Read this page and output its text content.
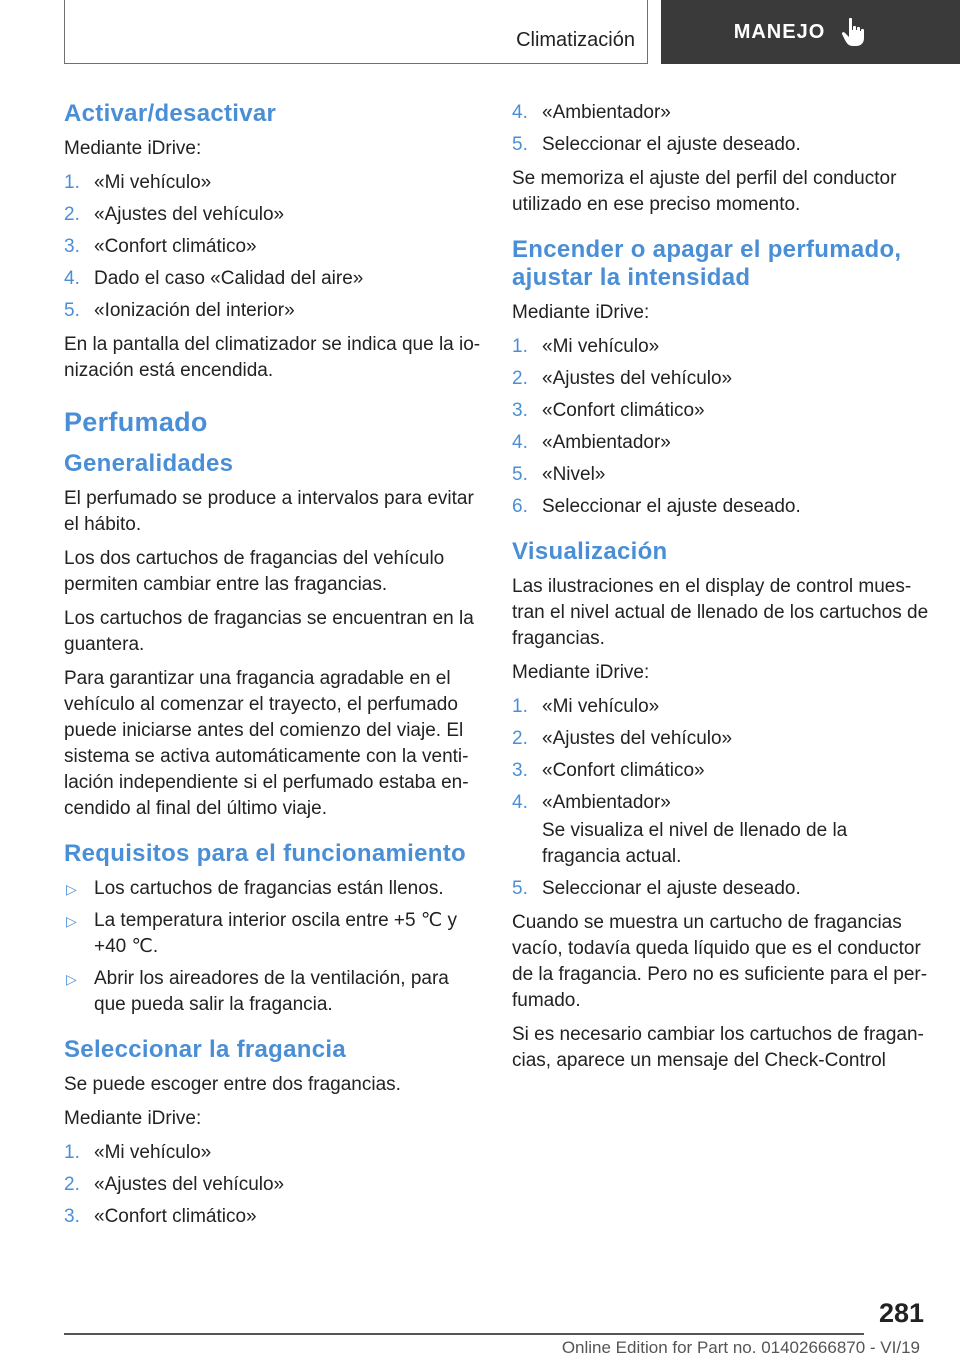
Climatización	MANEJO
Activar/desactivar

Mediante iDrive:

1. «Mi vehículo»
2. «Ajustes del vehículo»
3. «Confort climático»
4. Dado el caso «Calidad del aire»
5. «Ionización del interior»

En la pantalla del climatizador se indica que la io-nización está encendida.

Perfumado
Generalidades

El perfumado se produce a intervalos para evitar el hábito.

Los dos cartuchos de fragancias del vehículo permiten cambiar entre las fragancias.

Los cartuchos de fragancias se encuentran en la guantera.

Para garantizar una fragancia agradable en el vehículo al comenzar el trayecto, el perfumado puede iniciarse antes del comienzo del viaje. El sistema se activa automáticamente con la venti-lación independiente si el perfumado estaba en-cendido al final del último viaje.

Requisitos para el funcionamiento
▷ Los cartuchos de fragancias están llenos.
▷ La temperatura interior oscila entre +5 ℃ y +40 ℃.
▷ Abrir los aireadores de la ventilación, para que pueda salir la fragancia.
Seleccionar la fragancia

Se puede escoger entre dos fragancias.

Mediante iDrive:

1. «Mi vehículo»
2. «Ajustes del vehículo»
3. «Confort climático»
4. «Ambientador»
5. Seleccionar el ajuste deseado.

Se memoriza el ajuste del perfil del conductor utilizado en ese preciso momento.

Encender o apagar el perfumado, ajustar la intensidad

Mediante iDrive:

1. «Mi vehículo»
2. «Ajustes del vehículo»
3. «Confort climático»
4. «Ambientador»
5. «Nivel»
6. Seleccionar el ajuste deseado.
Visualización

Las ilustraciones en el display de control mues-tran el nivel actual de llenado de los cartuchos de fragancias.

Mediante iDrive:

1. «Mi vehículo»
2. «Ajustes del vehículo»
3. «Confort climático»
4. «Ambientador»
Se visualiza el nivel de llenado de la fragancia actual.
5. Seleccionar el ajuste deseado.

Cuando se muestra un cartucho de fragancias vacío, todavía queda líquido que es el conductor de la fragancia. Pero no es suficiente para el per-fumado.

Si es necesario cambiar los cartuchos de fragan-cias, aparece un mensaje del Check-Control

281
Online Edition for Part no. 01402666870 - VI/19
